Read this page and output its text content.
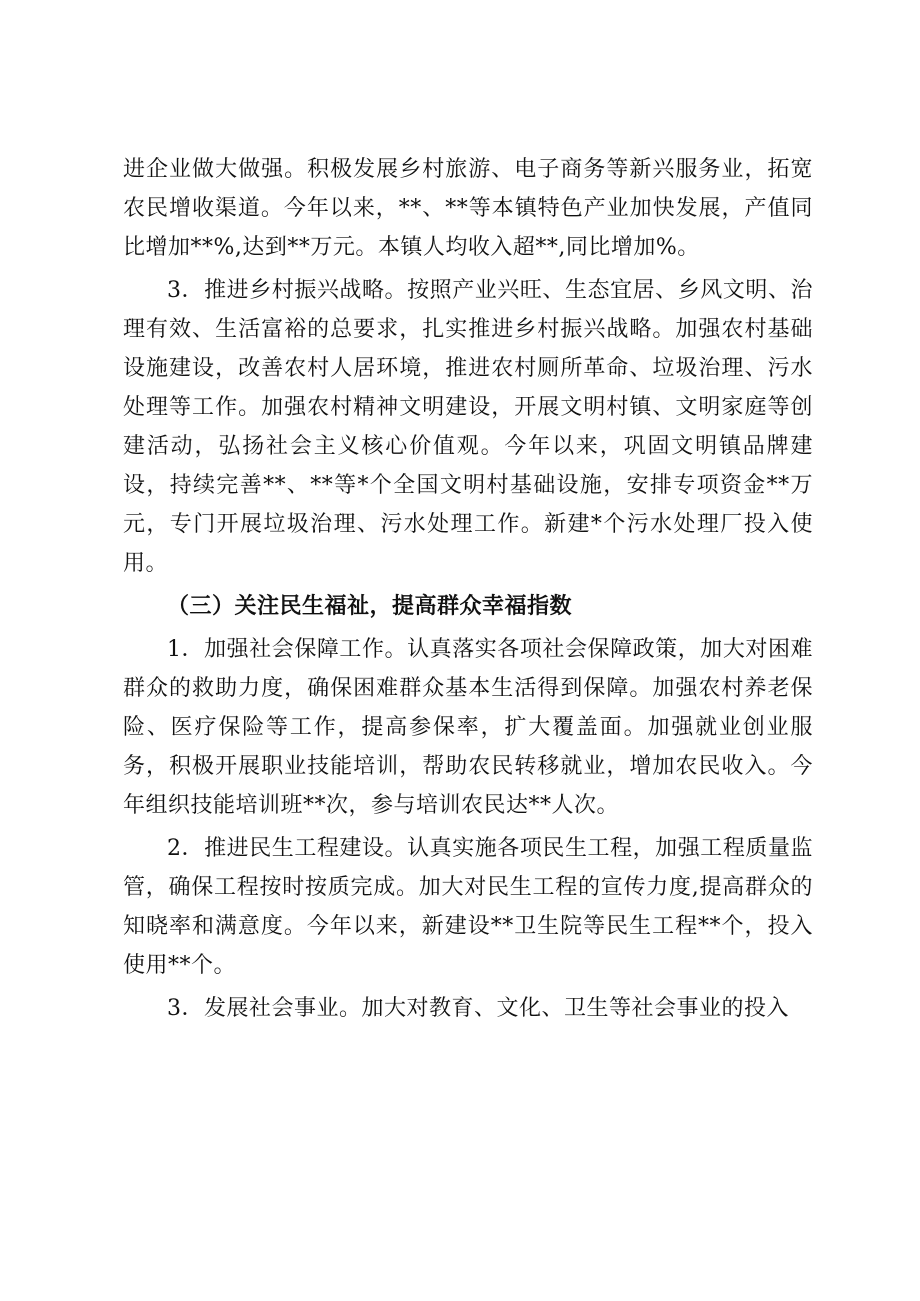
进企业做大做强。积极发展乡村旅游、电子商务等新兴服务业，拓宽农民增收渠道。今年以来，**、**等本镇特色产业加快发展，产值同比增加**%,达到**万元。本镇人均收入超**,同比增加%。

3．推进乡村振兴战略。按照产业兴旺、生态宜居、乡风文明、治理有效、生活富裕的总要求，扎实推进乡村振兴战略。加强农村基础设施建设，改善农村人居环境，推进农村厕所革命、垃圾治理、污水处理等工作。加强农村精神文明建设，开展文明村镇、文明家庭等创建活动，弘扬社会主义核心价值观。今年以来，巩固文明镇品牌建设，持续完善**、**等*个全国文明村基础设施，安排专项资金**万元，专门开展垃圾治理、污水处理工作。新建*个污水处理厂投入使用。

（三）关注民生福祉，提高群众幸福指数

1．加强社会保障工作。认真落实各项社会保障政策，加大对困难群众的救助力度，确保困难群众基本生活得到保障。加强农村养老保险、医疗保险等工作，提高参保率，扩大覆盖面。加强就业创业服务，积极开展职业技能培训，帮助农民转移就业，增加农民收入。今年组织技能培训班**次，参与培训农民达**人次。

2．推进民生工程建设。认真实施各项民生工程，加强工程质量监管，确保工程按时按质完成。加大对民生工程的宣传力度,提高群众的知晓率和满意度。今年以来，新建设**卫生院等民生工程**个，投入使用**个。

3．发展社会事业。加大对教育、文化、卫生等社会事业的投入
